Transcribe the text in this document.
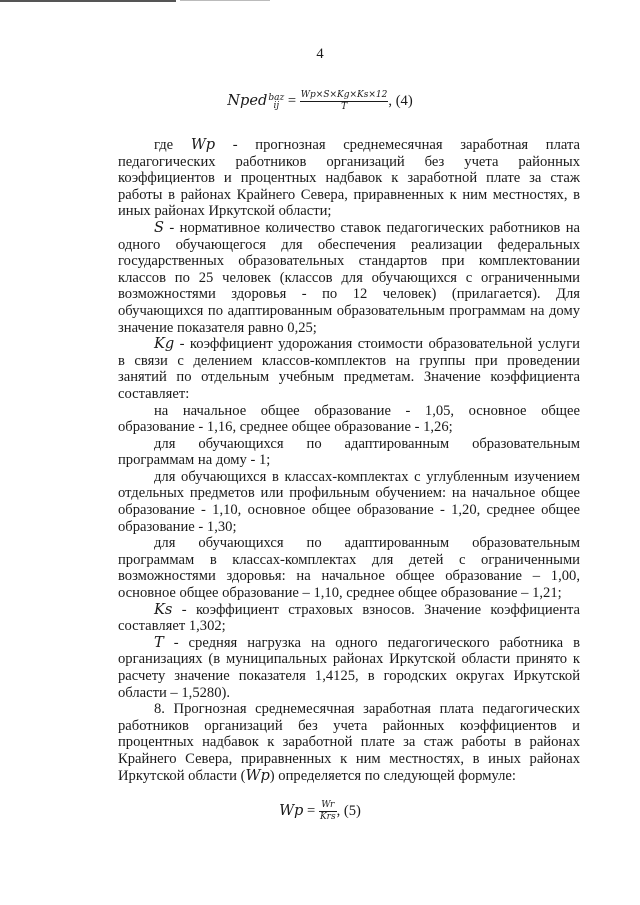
4
Nped baz
ij = $\frac{Wp\times S\times Kg\times Ks\times 12}{T}$ , (4)

где Wp - прогнозная среднемесячная заработная плата педагогических работников организаций без учета районных коэффициентов и процентных надбавок к заработной плате за стаж работы в районах Крайнего Севера, приравненных к ним местностях, в иных районах Иркутской области;

S - нормативное количество ставок педагогических работников на одного обучающегося для обеспечения реализации федеральных государственных образовательных стандартов при комплектовании классов по 25 человек (классов для обучающихся с ограниченными возможностями здоровья - по 12 человек) (прилагается). Для обучающихся по адаптированным образовательным программам на дому значение показателя равно 0,25;

Kg - коэффициент удорожания стоимости образовательной услуги в связи с делением классов-комплектов на группы при проведении занятий по отдельным учебным предметам. Значение коэффициента составляет:

на начальное общее образование - 1,05, основное общее образование - 1,16, среднее общее образование - 1,26;

для обучающихся по адаптированным образовательным программам на дому - 1;

для обучающихся в классах-комплектах с углубленным изучением отдельных предметов или профильным обучением: на начальное общее образование - 1,10, основное общее образование - 1,20, среднее общее образование - 1,30;

для обучающихся по адаптированным образовательным программам в классах-комплектах для детей с ограниченными возможностями здоровья: на начальное общее образование – 1,00, основное общее образование – 1,10, среднее общее образование – 1,21;

Ks - коэффициент страховых взносов. Значение коэффициента составляет 1,302;

T - средняя нагрузка на одного педагогического работника в организациях (в муниципальных районах Иркутской области принято к расчету значение показателя 1,4125, в городских округах Иркутской области – 1,5280).

8. Прогнозная среднемесячная заработная плата педагогических работников организаций без учета районных коэффициентов и процентных надбавок к заработной плате за стаж работы в районах Крайнего Севера, приравненных к ним местностях, в иных районах Иркутской области (Wp) определяется по следующей формуле:

$Wp = \frac{Wr}{\text{Krs}}$ , (5)
